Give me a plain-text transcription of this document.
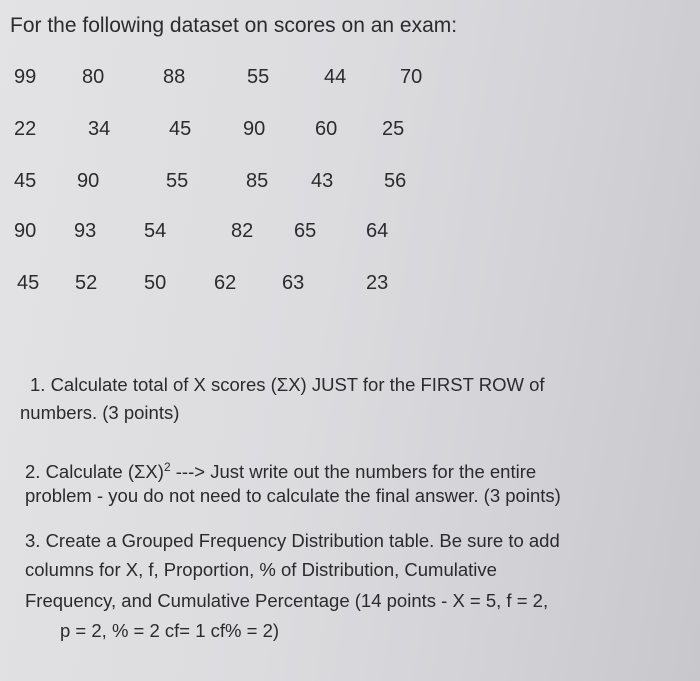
For the following dataset on scores on an exam:
99 80	88	55	44	70
22	34	45	90 60 25
45 90	55	85 43	56
90 93 54	82 65 64
45 52 50 62 63	23
1. Calculate total of X scores (ΣX) JUST for the FIRST ROW of
numbers. (3 points)
2. Calculate $(\Sigma X)^2$ ---> Just write out the numbers for the entire
problem - you do not need to calculate the final answer. (3 points)
3. Create a Grouped Frequency Distribution table. Be sure to add
columns for X, f, Proportion, % of Distribution, Cumulative
Frequency, and Cumulative Percentage (14 points - X = 5, f = 2,
p = 2, % = 2 cf= 1 cf% = 2)
